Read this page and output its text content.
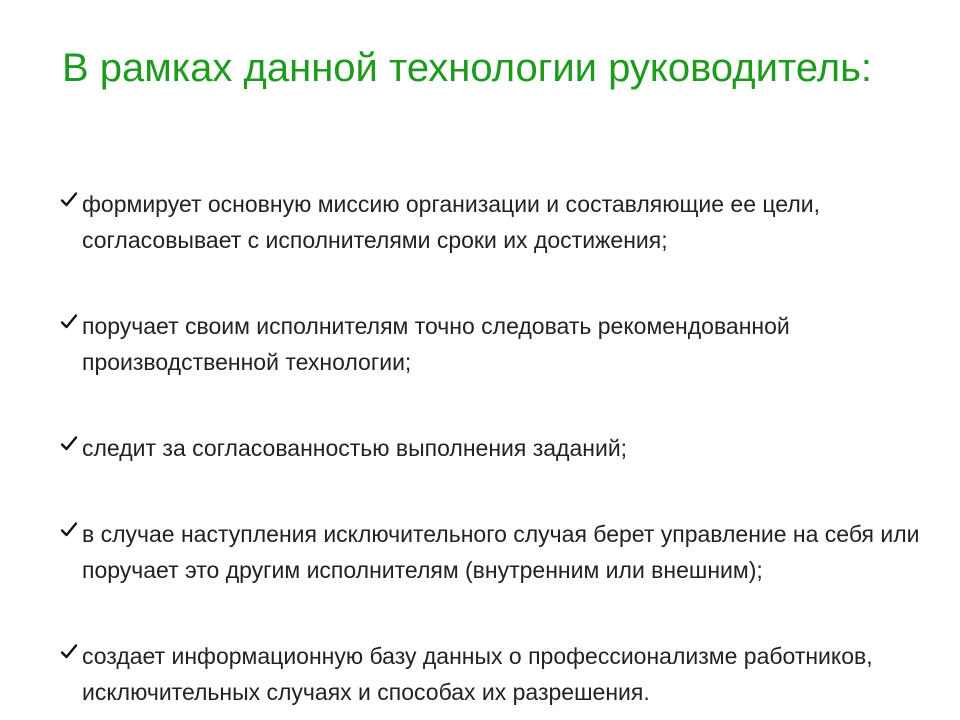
В рамках данной технологии руководитель:
формирует основную миссию организации и составляющие ее цели, согласовывает с исполнителями сроки их достижения;
поручает своим исполнителям точно следовать рекомендованной производственной технологии;
следит за согласованностью выполнения заданий;
в случае наступления исключительного случая берет управление на себя или поручает это другим исполнителям (внутренним или внешним);
создает информационную базу данных о профессионализме работников, исключительных случаях и способах их разрешения.
